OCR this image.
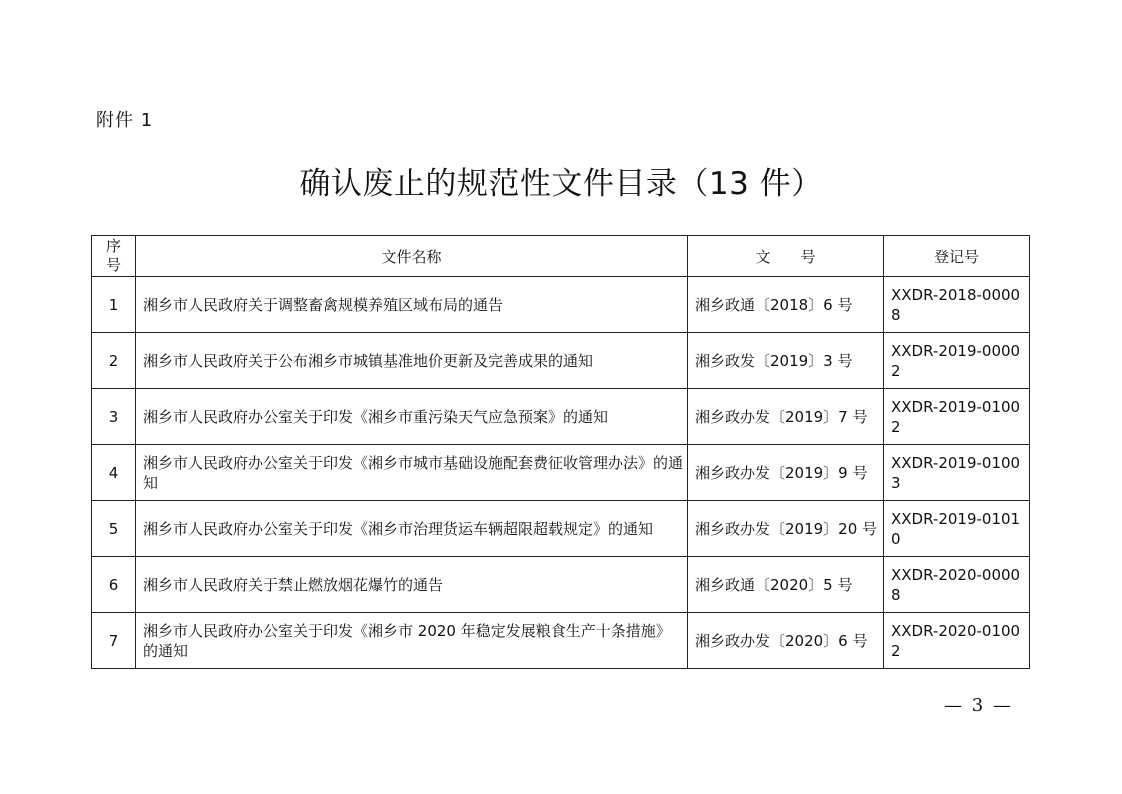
附件 1
确认废止的规范性文件目录（13 件）
序
号	文件名称	文　　号	登记号
1	湘乡市人民政府关于调整畜禽规模养殖区域布局的通告	湘乡政通〔2018〕6 号	XXDR-2018-00008
2	湘乡市人民政府关于公布湘乡市城镇基准地价更新及完善成果的通知	湘乡政发〔2019〕3 号	XXDR-2019-00002
3	湘乡市人民政府办公室关于印发《湘乡市重污染天气应急预案》的通知	湘乡政办发〔2019〕7 号	XXDR-2019-01002
4	湘乡市人民政府办公室关于印发《湘乡市城市基础设施配套费征收管理办法》的通知	湘乡政办发〔2019〕9 号	XXDR-2019-01003
5	湘乡市人民政府办公室关于印发《湘乡市治理货运车辆超限超载规定》的通知	湘乡政办发〔2019〕20 号	XXDR-2019-01010
6	湘乡市人民政府关于禁止燃放烟花爆竹的通告	湘乡政通〔2020〕5 号	XXDR-2020-00008
7	湘乡市人民政府办公室关于印发《湘乡市 2020 年稳定发展粮食生产十条措施》的通知	湘乡政办发〔2020〕6 号	XXDR-2020-01002
— 3 —
